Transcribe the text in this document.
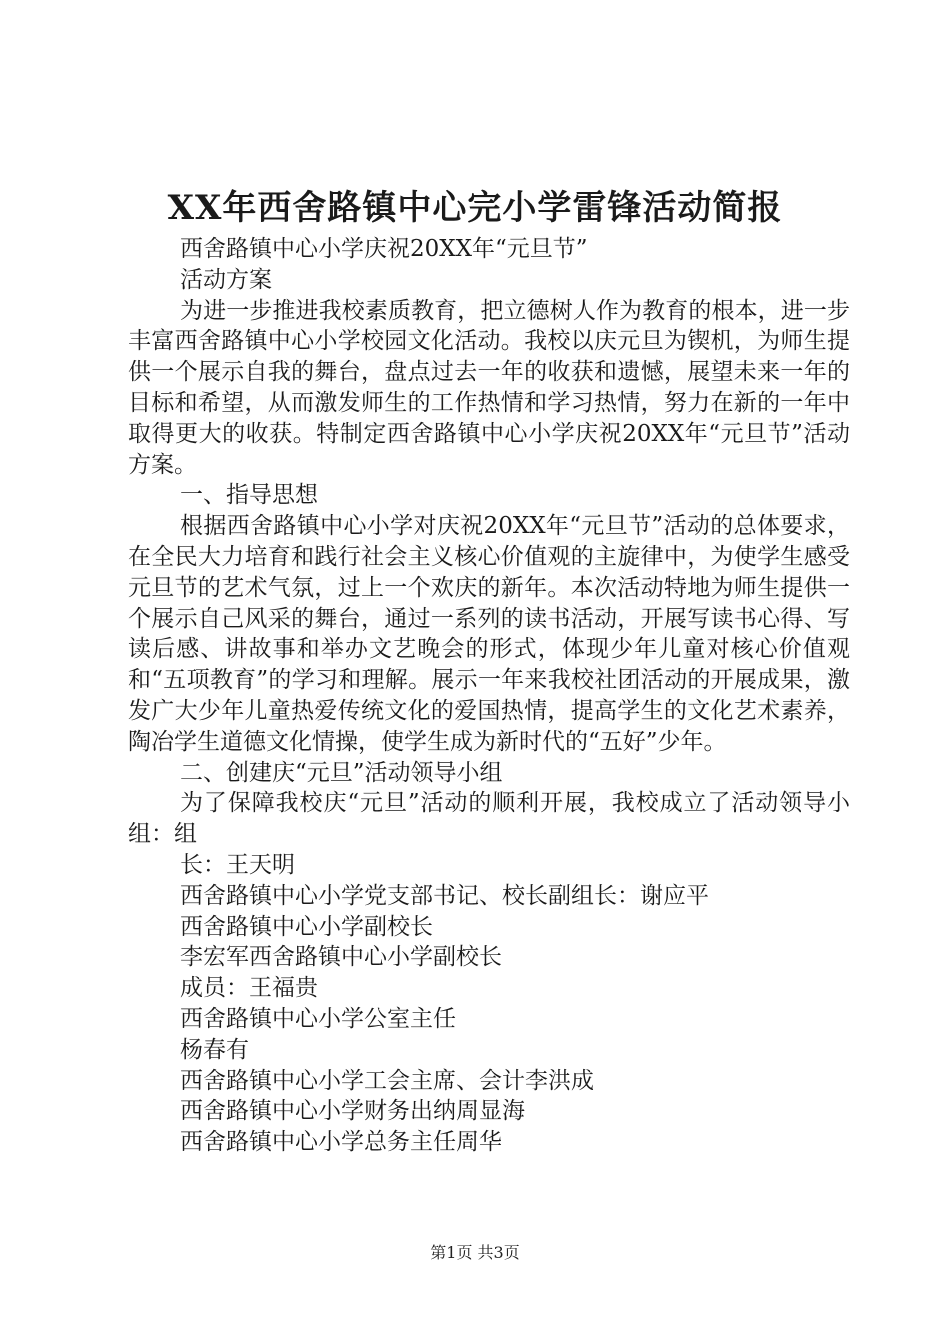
XX年西舍路镇中心完小学雷锋活动简报

西舍路镇中心小学庆祝20XX年“元旦节”

活动方案

为进一步推进我校素质教育，把立德树人作为教育的根本，进一步丰富西舍路镇中心小学校园文化活动。我校以庆元旦为锲机，为师生提供一个展示自我的舞台，盘点过去一年的收获和遗憾，展望未来一年的目标和希望，从而激发师生的工作热情和学习热情，努力在新的一年中取得更大的收获。特制定西舍路镇中心小学庆祝20XX年“元旦节”活动方案。

一、指导思想

根据西舍路镇中心小学对庆祝20XX年“元旦节”活动的总体要求，在全民大力培育和践行社会主义核心价值观的主旋律中，为使学生感受元旦节的艺术气氛，过上一个欢庆的新年。本次活动特地为师生提供一个展示自己风采的舞台，通过一系列的读书活动，开展写读书心得、写读后感、讲故事和举办文艺晚会的形式，体现少年儿童对核心价值观和“五项教育”的学习和理解。展示一年来我校社团活动的开展成果，激发广大少年儿童热爱传统文化的爱国热情，提高学生的文化艺术素养，陶冶学生道德文化情操，使学生成为新时代的“五好”少年。

二、创建庆“元旦”活动领导小组

为了保障我校庆“元旦”活动的顺利开展，我校成立了活动领导小组：组

长：王天明

西舍路镇中心小学党支部书记、校长副组长：谢应平

西舍路镇中心小学副校长

李宏军西舍路镇中心小学副校长

成员：王福贵

西舍路镇中心小学公室主任

杨春有

西舍路镇中心小学工会主席、会计李洪成

西舍路镇中心小学财务出纳周显海

西舍路镇中心小学总务主任周华

第1页 共3页
